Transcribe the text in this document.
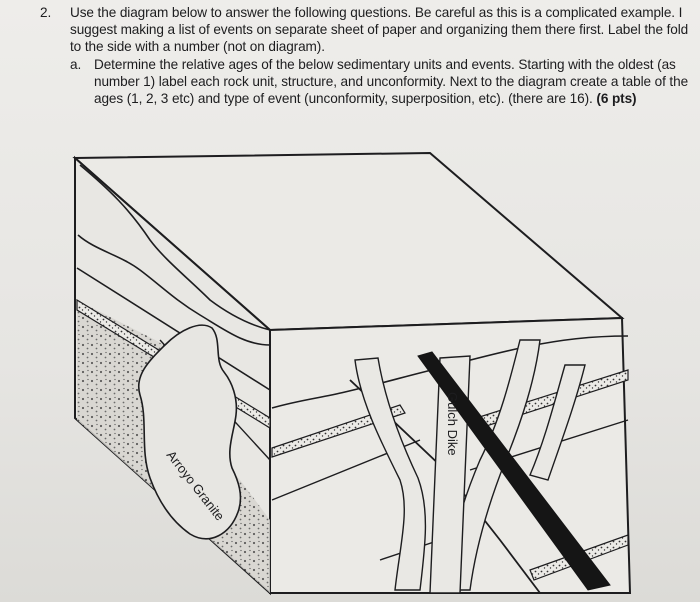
2.	Use the diagram below to answer the following questions. Be careful as this is a complicated example. I suggest making a list of events on separate sheet of paper and organizing them there first. Label the fold to the side with a number (not on diagram).
a. Determine the relative ages of the below sedimentary units and events. Starting with the oldest (as number 1) label each rock unit, structure, and unconformity. Next to the diagram create a table of the ages (1, 2, 3 etc) and type of event (unconformity, superposition, etc). (there are 16). (6 pts)
Arroyo Granite
Gulch Dike
